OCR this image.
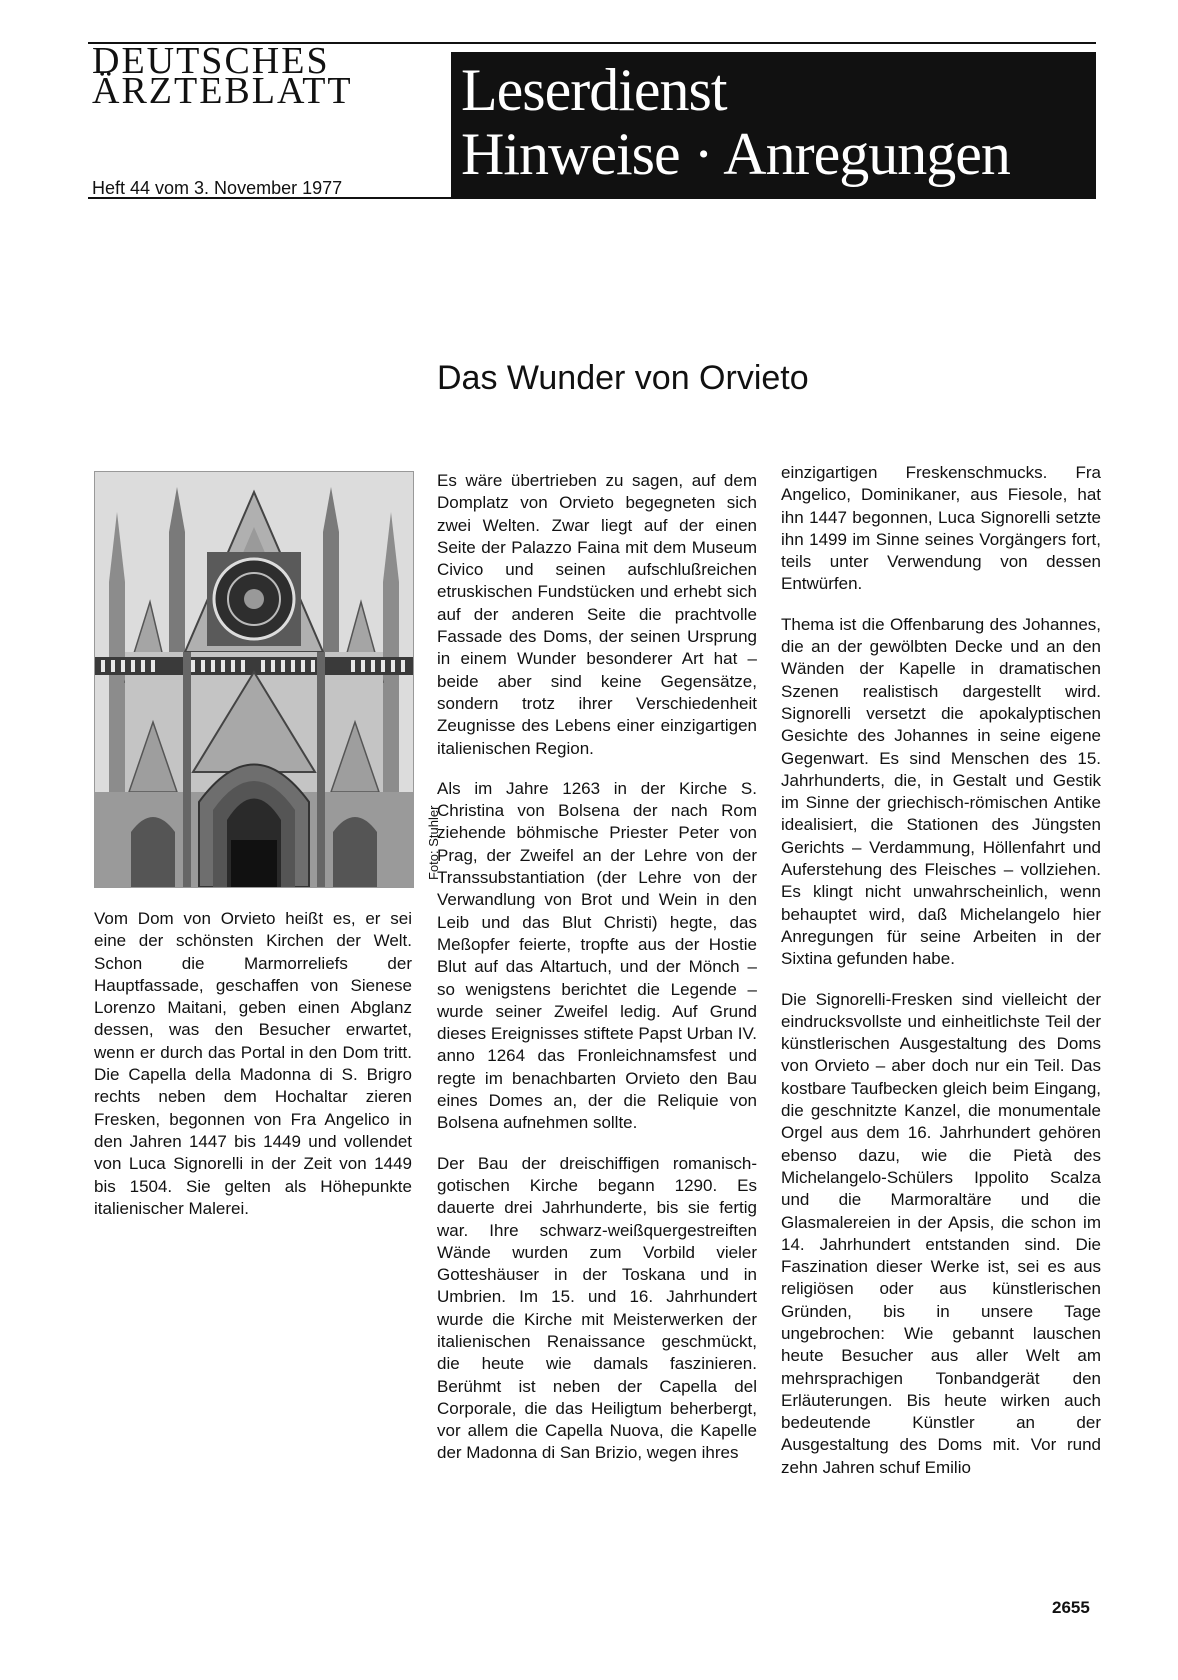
DEUTSCHES
ÄRZTEBLATT
Heft 44 vom 3. November 1977
Leserdienst
Hinweise · Anregungen
Das Wunder von Orvieto
Foto: Stuhler

Vom Dom von Orvieto heißt es, er sei eine der schönsten Kirchen der Welt. Schon die Marmorreliefs der Hauptfassade, geschaffen von Sienese Lorenzo Maitani, geben einen Abglanz dessen, was den Besucher erwartet, wenn er durch das Portal in den Dom tritt. Die Capella della Madonna di S. Brigro rechts neben dem Hochaltar zieren Fresken, begonnen von Fra Angelico in den Jahren 1447 bis 1449 und vollendet von Luca Signorelli in der Zeit von 1449 bis 1504. Sie gelten als Höhepunkte italienischer Malerei.

Es wäre übertrieben zu sagen, auf dem Domplatz von Orvieto begegneten sich zwei Welten. Zwar liegt auf der einen Seite der Palazzo Faina mit dem Museum Civico und seinen aufschlußreichen etruskischen Fundstücken und erhebt sich auf der anderen Seite die prachtvolle Fassade des Doms, der seinen Ursprung in einem Wunder besonderer Art hat – beide aber sind keine Gegensätze, sondern trotz ihrer Verschiedenheit Zeugnisse des Lebens einer einzigartigen italienischen Region.

Als im Jahre 1263 in der Kirche S. Christina von Bolsena der nach Rom ziehende böhmische Priester Peter von Prag, der Zweifel an der Lehre von der Transsubstantiation (der Lehre von der Verwandlung von Brot und Wein in den Leib und das Blut Christi) hegte, das Meßopfer feierte, tropfte aus der Hostie Blut auf das Altartuch, und der Mönch – so wenigstens berichtet die Legende – wurde seiner Zweifel ledig. Auf Grund dieses Ereignisses stiftete Papst Urban IV. anno 1264 das Fronleichnamsfest und regte im benachbarten Orvieto den Bau eines Domes an, der die Reliquie von Bolsena aufnehmen sollte.

Der Bau der dreischiffigen romanisch-gotischen Kirche begann 1290. Es dauerte drei Jahrhunderte, bis sie fertig war. Ihre schwarz-weißquergestreiften Wände wurden zum Vorbild vieler Gotteshäuser in der Toskana und in Umbrien. Im 15. und 16. Jahrhundert wurde die Kirche mit Meisterwerken der italienischen Renaissance geschmückt, die heute wie damals faszinieren. Berühmt ist neben der Capella del Corporale, die das Heiligtum beherbergt, vor allem die Capella Nuova, die Kapelle der Madonna di San Brizio, wegen ihres

einzigartigen Freskenschmucks. Fra Angelico, Dominikaner, aus Fiesole, hat ihn 1447 begonnen, Luca Signorelli setzte ihn 1499 im Sinne seines Vorgängers fort, teils unter Verwendung von dessen Entwürfen.

Thema ist die Offenbarung des Johannes, die an der gewölbten Decke und an den Wänden der Kapelle in dramatischen Szenen realistisch dargestellt wird. Signorelli versetzt die apokalyptischen Gesichte des Johannes in seine eigene Gegenwart. Es sind Menschen des 15. Jahrhunderts, die, in Gestalt und Gestik im Sinne der griechisch-römischen Antike idealisiert, die Stationen des Jüngsten Gerichts – Verdammung, Höllenfahrt und Auferstehung des Fleisches – vollziehen. Es klingt nicht unwahrscheinlich, wenn behauptet wird, daß Michelangelo hier Anregungen für seine Arbeiten in der Sixtina gefunden habe.

Die Signorelli-Fresken sind vielleicht der eindrucksvollste und einheitlichste Teil der künstlerischen Ausgestaltung des Doms von Orvieto – aber doch nur ein Teil. Das kostbare Taufbecken gleich beim Eingang, die geschnitzte Kanzel, die monumentale Orgel aus dem 16. Jahrhundert gehören ebenso dazu, wie die Pietà des Michelangelo-Schülers Ippolito Scalza und die Marmoraltäre und die Glasmalereien in der Apsis, die schon im 14. Jahrhundert entstanden sind. Die Faszination dieser Werke ist, sei es aus religiösen oder aus künstlerischen Gründen, bis in unsere Tage ungebrochen: Wie gebannt lauschen heute Besucher aus aller Welt am mehrsprachigen Tonbandgerät den Erläuterungen. Bis heute wirken auch bedeutende Künstler an der Ausgestaltung des Doms mit. Vor rund zehn Jahren schuf Emilio

2655
